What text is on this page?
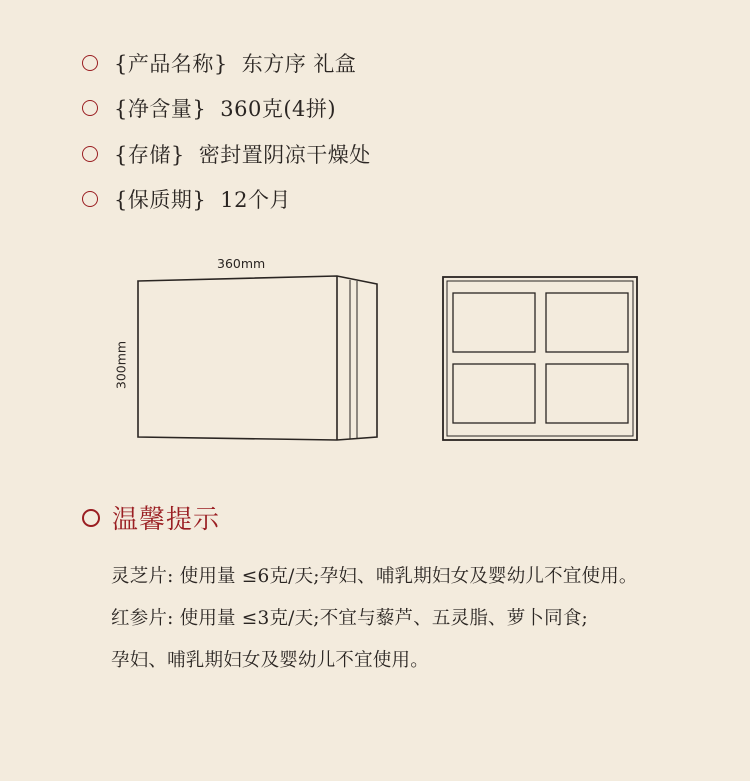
{产品名称} 东方序 礼盒
{净含量} 360克(4拼)
{存储} 密封置阴凉干燥处
{保质期} 12个月
360mm
300mm
温馨提示
灵芝片: 使用量 ≤6克/天;孕妇、哺乳期妇女及婴幼儿不宜使用。
红参片: 使用量 ≤3克/天;不宜与藜芦、五灵脂、萝卜同食;
孕妇、哺乳期妇女及婴幼儿不宜使用。
